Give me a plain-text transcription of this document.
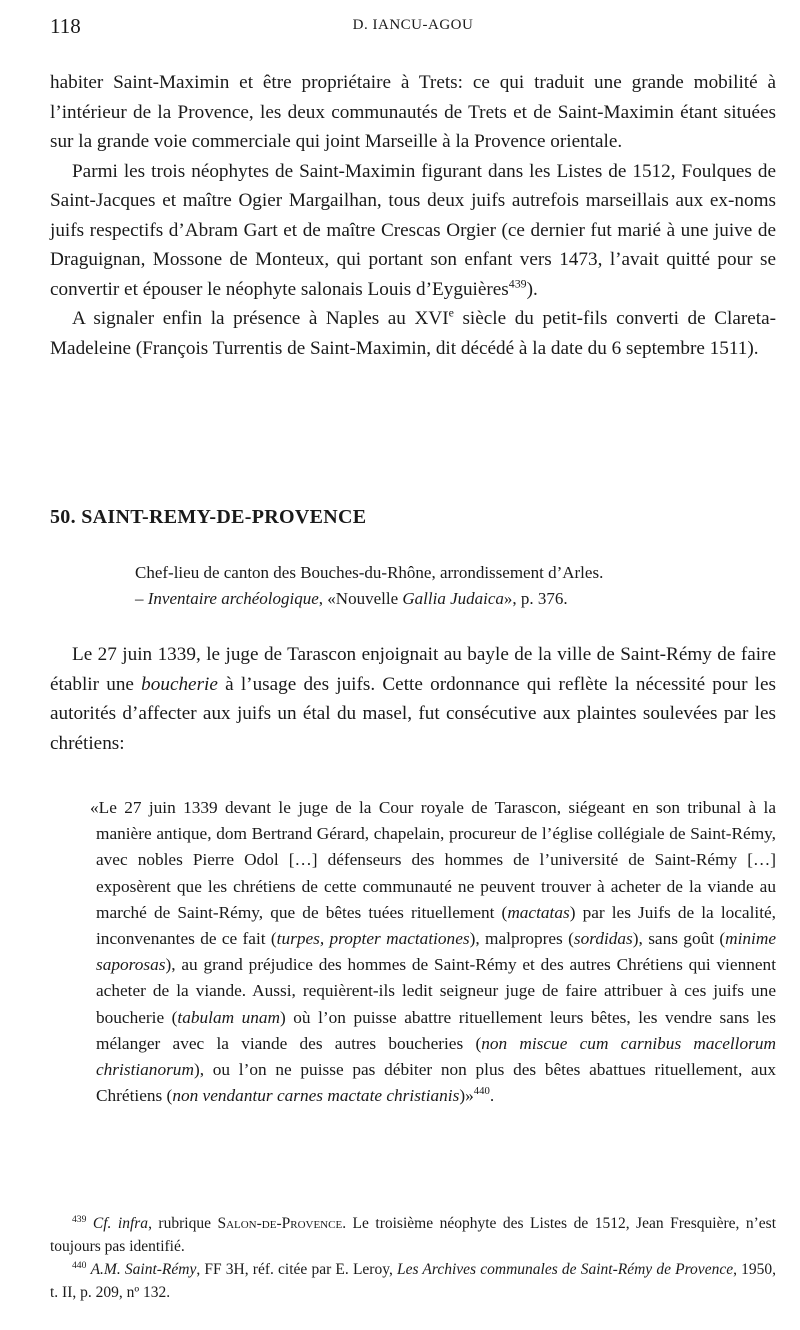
118	D. IANCU-AGOU

habiter Saint-Maximin et être propriétaire à Trets: ce qui traduit une grande mobilité à l’intérieur de la Provence, les deux communautés de Trets et de Saint-Maximin étant situées sur la grande voie commerciale qui joint Marseille à la Provence orientale.

Parmi les trois néophytes de Saint-Maximin figurant dans les Listes de 1512, Foulques de Saint-Jacques et maître Ogier Margailhan, tous deux juifs autrefois marseillais aux ex-noms juifs respectifs d’Abram Gart et de maître Crescas Orgier (ce dernier fut marié à une juive de Draguignan, Mossone de Monteux, qui portant son enfant vers 1473, l’avait quitté pour se convertir et épouser le néophyte salonais Louis d’Eyguières$^{439}$).

A signaler enfin la présence à Naples au XVIe siècle du petit-fils converti de Clareta-Madeleine (François Turrentis de Saint-Maximin, dit décédé à la date du 6 septembre 1511).

50. SAINT-REMY-DE-PROVENCE

Chef-lieu de canton des Bouches-du-Rhône, arrondissement d’Arles.

– Inventaire archéologique, «Nouvelle Gallia Judaica», p. 376.

Le 27 juin 1339, le juge de Tarascon enjoignait au bayle de la ville de Saint-Rémy de faire établir une boucherie à l’usage des juifs. Cette ordonnance qui reflète la nécessité pour les autorités d’affecter aux juifs un étal du masel, fut consécutive aux plaintes soulevées par les chrétiens:

«Le 27 juin 1339 devant le juge de la Cour royale de Tarascon, siégeant en son tribunal à la manière antique, dom Bertrand Gérard, chapelain, procureur de l’église collégiale de Saint-Rémy, avec nobles Pierre Odol […] défenseurs des hommes de l’université de Saint-Rémy […] exposèrent que les chrétiens de cette communauté ne peuvent trouver à acheter de la viande au marché de Saint-Rémy, que de bêtes tuées rituellement (mactatas) par les Juifs de la localité, inconvenantes de ce fait (turpes, propter mactationes), malpropres (sordidas), sans goût (minime saporosas), au grand préjudice des hommes de Saint-Rémy et des autres Chrétiens qui viennent acheter de la viande. Aussi, requièrent-ils ledit seigneur juge de faire attribuer à ces juifs une boucherie (tabulam unam) où l’on puisse abattre rituellement leurs bêtes, les vendre sans les mélanger avec la viande des autres boucheries (non miscue cum carnibus macellorum christianorum), ou l’on ne puisse pas débiter non plus des bêtes abattues rituellement, aux Chrétiens (non vendantur carnes mactate christianis)»$^{440}$.

$^{439}$ Cf. infra, rubrique Salon-de-Provence. Le troisième néophyte des Listes de 1512, Jean Fresquière, n’est toujours pas identifié.

$^{440}$ A.M. Saint-Rémy, FF 3H, réf. citée par E. Leroy, Les Archives communales de Saint-Rémy de Provence, 1950, t. II, p. 209, nº 132.
